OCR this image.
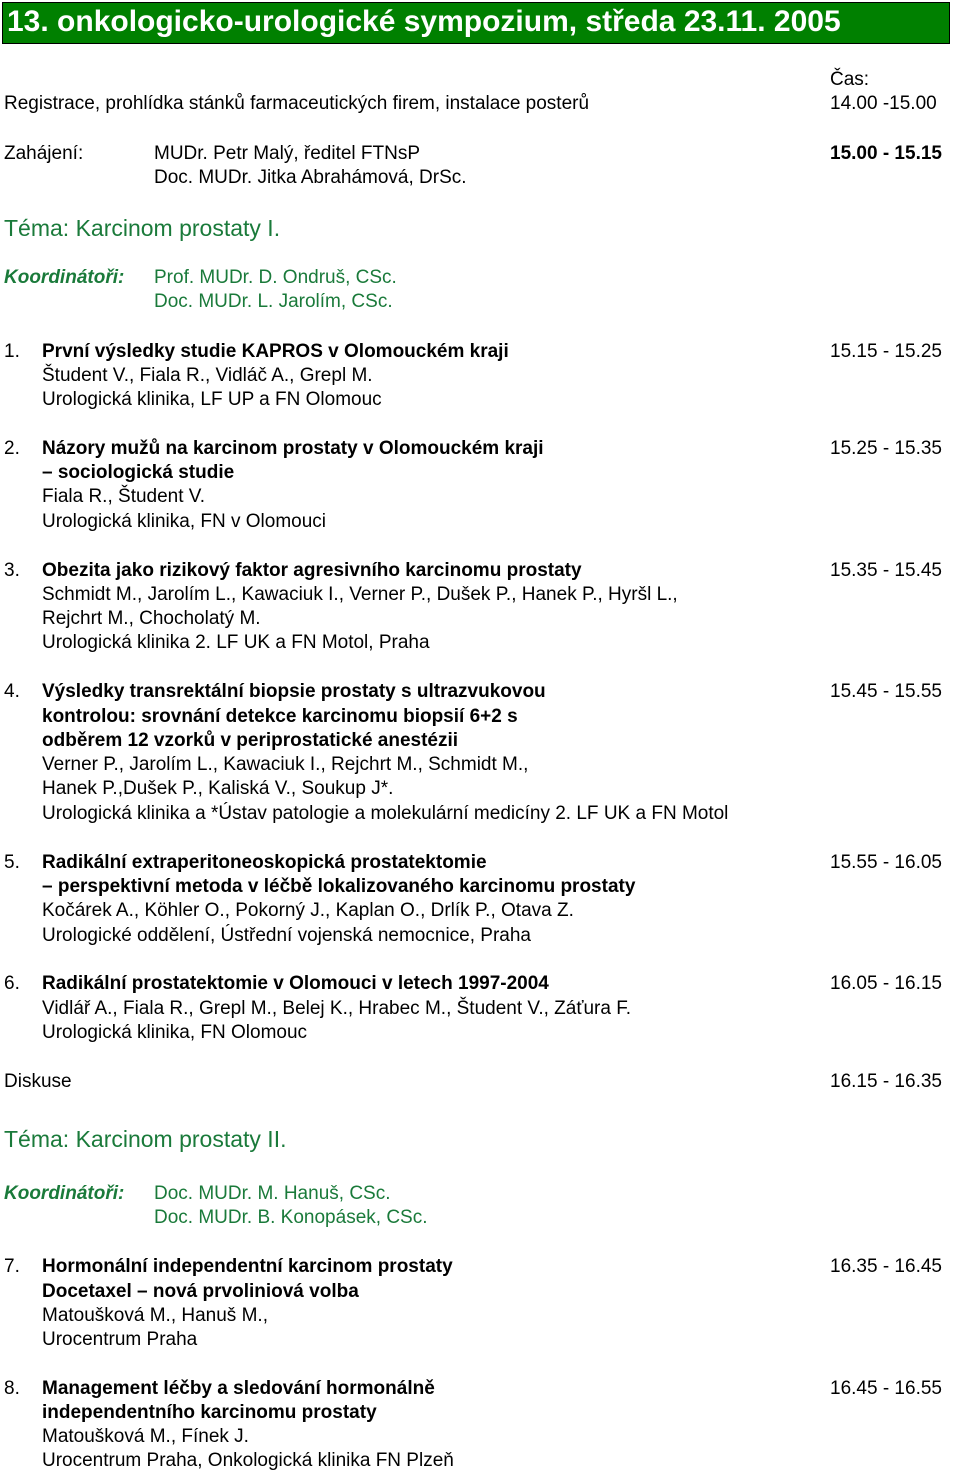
13. onkologicko-urologické sympozium, středa 23.11. 2005
Čas:
Registrace, prohlídka stánků farmaceutických firem, instalace posterů	14.00 -15.00
Zahájení:	MUDr. Petr Malý, ředitel FTNsP
Doc. MUDr. Jitka Abrahámová, DrSc.
15.00 - 15.15
Téma: Karcinom prostaty I.
Koordinátoři: Prof. MUDr. D. Ondruš, CSc.
Doc. MUDr. L. Jarolím, CSc.
1. První výsledky studie KAPROS v Olomouckém kraji
Študent V., Fiala R., Vidláč A., Grepl M.
Urologická klinika, LF UP a FN Olomouc
15.15 - 15.25
2. Názory mužů na karcinom prostaty v Olomouckém kraji
– sociologická studie
Fiala R., Študent V.
Urologická klinika, FN v Olomouci
15.25 - 15.35
3. Obezita jako rizikový faktor agresivního karcinomu prostaty
Schmidt M., Jarolím L., Kawaciuk I., Verner P., Dušek P., Hanek P., Hyršl L.,
Rejchrt M., Chocholatý M.
Urologická klinika 2. LF UK a FN Motol, Praha
15.35 - 15.45
4. Výsledky transrektální biopsie prostaty s ultrazvukovou
kontrolou: srovnání detekce karcinomu biopsií 6+2 s
odběrem 12 vzorků v periprostatické anestézii
Verner P., Jarolím L., Kawaciuk I., Rejchrt M., Schmidt M.,
Hanek P.,Dušek P., Kaliská V., Soukup J*.
Urologická klinika a *Ústav patologie a molekulární medicíny 2. LF UK a FN Motol
15.45 - 15.55
5. Radikální extraperitoneoskopická prostatektomie
– perspektivní metoda v léčbě lokalizovaného karcinomu prostaty
Kočárek A., Köhler O., Pokorný J., Kaplan O., Drlík P., Otava Z.
Urologické oddělení, Ústřední vojenská nemocnice, Praha
15.55 - 16.05
6. Radikální prostatektomie v Olomouci v letech 1997-2004
Vidlář A., Fiala R., Grepl M., Belej K., Hrabec M., Študent V., Záťura F.
Urologická klinika, FN Olomouc
16.05 - 16.15
Diskuse	16.15 - 16.35
Téma: Karcinom prostaty II.
Koordinátoři: Doc. MUDr. M. Hanuš, CSc.
Doc. MUDr. B. Konopásek, CSc.
7. Hormonální independentní karcinom prostaty
Docetaxel – nová prvoliniová volba
Matoušková M., Hanuš M.,
Urocentrum Praha
16.35 - 16.45
8. Management léčby a sledování hormonálně
independentního karcinomu prostaty
Matoušková M., Fínek J.
Urocentrum Praha, Onkologická klinika FN Plzeň
16.45 - 16.55
